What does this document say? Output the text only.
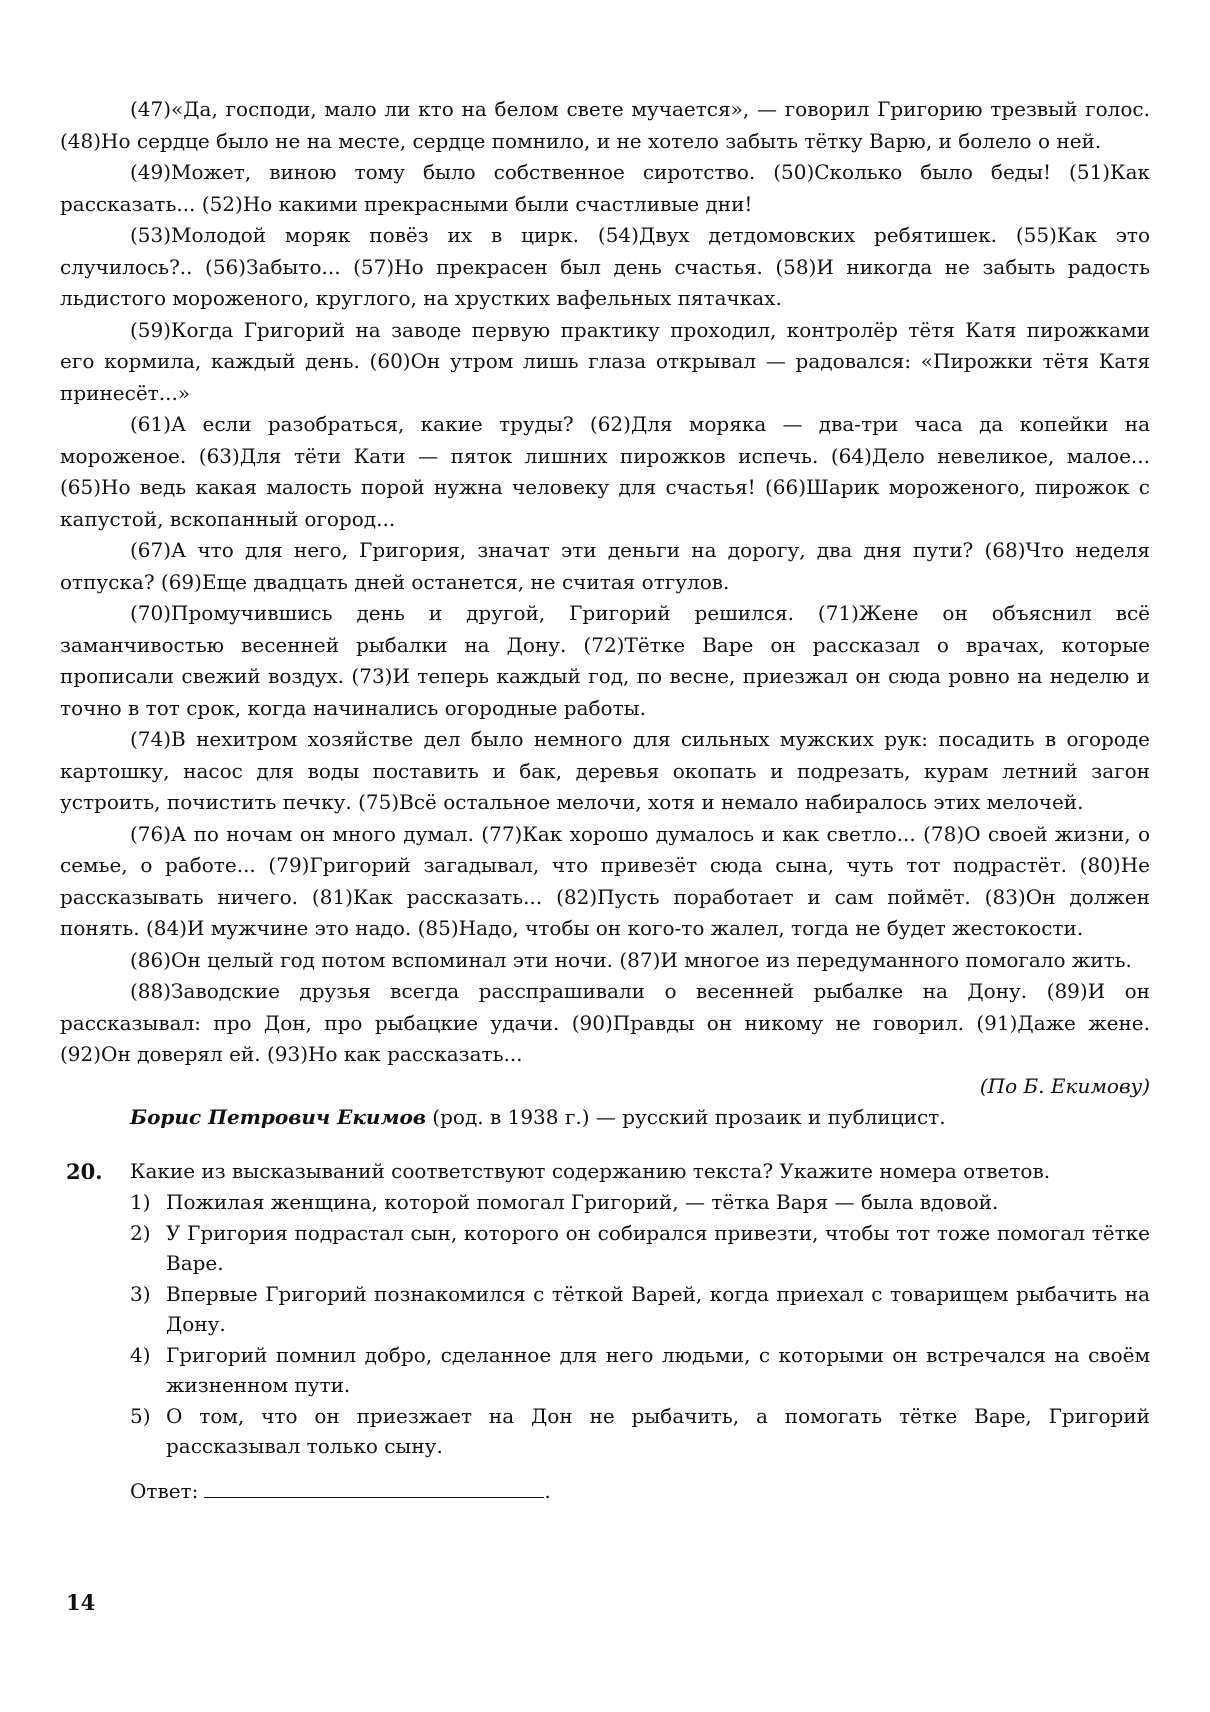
(47)«Да, господи, мало ли кто на белом свете мучается», — говорил Григорию трезвый голос. (48)Но сердце было не на месте, сердце помнило, и не хотело забыть тётку Варю, и болело о ней.

(49)Может, виною тому было собственное сиротство. (50)Сколько было беды! (51)Как рассказать... (52)Но какими прекрасными были счастливые дни!

(53)Молодой моряк повёз их в цирк. (54)Двух детдомовских ребятишек. (55)Как это случилось?.. (56)Забыто... (57)Но прекрасен был день счастья. (58)И никогда не забыть радость льдистого мороженого, круглого, на хрустких вафельных пятачках.

(59)Когда Григорий на заводе первую практику проходил, контролёр тётя Катя пирожками его кормила, каждый день. (60)Он утром лишь глаза открывал — радовался: «Пирожки тётя Катя принесёт...»

(61)А если разобраться, какие труды? (62)Для моряка — два-три часа да копейки на мороженое. (63)Для тёти Кати — пяток лишних пирожков испечь. (64)Дело невеликое, малое... (65)Но ведь какая малость порой нужна человеку для счастья! (66)Шарик мороженого, пирожок с капустой, вскопанный огород...

(67)А что для него, Григория, значат эти деньги на дорогу, два дня пути? (68)Что неделя отпуска? (69)Еще двадцать дней останется, не считая отгулов.

(70)Промучившись день и другой, Григорий решился. (71)Жене он объяснил всё заманчивостью весенней рыбалки на Дону. (72)Тётке Варе он рассказал о врачах, которые прописали свежий воздух. (73)И теперь каждый год, по весне, приезжал он сюда ровно на неделю и точно в тот срок, когда начинались огородные работы.

(74)В нехитром хозяйстве дел было немного для сильных мужских рук: посадить в огороде картошку, насос для воды поставить и бак, деревья окопать и подрезать, курам летний загон устроить, почистить печку. (75)Всё остальное мелочи, хотя и немало набиралось этих мелочей.

(76)А по ночам он много думал. (77)Как хорошо думалось и как светло... (78)О своей жизни, о семье, о работе... (79)Григорий загадывал, что привезёт сюда сына, чуть тот подрастёт. (80)Не рассказывать ничего. (81)Как рассказать... (82)Пусть поработает и сам поймёт. (83)Он должен понять. (84)И мужчине это надо. (85)Надо, чтобы он кого-то жалел, тогда не будет жестокости.

(86)Он целый год потом вспоминал эти ночи. (87)И многое из передуманного помогало жить.

(88)Заводские друзья всегда расспрашивали о весенней рыбалке на Дону. (89)И он рассказывал: про Дон, про рыбацкие удачи. (90)Правды он никому не говорил. (91)Даже жене. (92)Он доверял ей. (93)Но как рассказать...

(По Б. Екимову)

Борис Петрович Екимов (род. в 1938 г.) — русский прозаик и публицист.

20. Какие из высказываний соответствуют содержанию текста? Укажите номера ответов.

1) Пожилая женщина, которой помогал Григорий, — тётка Варя — была вдовой.
2) У Григория подрастал сын, которого он собирался привезти, чтобы тот тоже помогал тётке Варе.
3) Впервые Григорий познакомился с тёткой Варей, когда приехал с товарищем рыбачить на Дону.
4) Григорий помнил добро, сделанное для него людьми, с которыми он встречался на своём жизненном пути.
5) О том, что он приезжает на Дон не рыбачить, а помогать тётке Варе, Григорий рассказывал только сыну.
Ответ:	.
14
